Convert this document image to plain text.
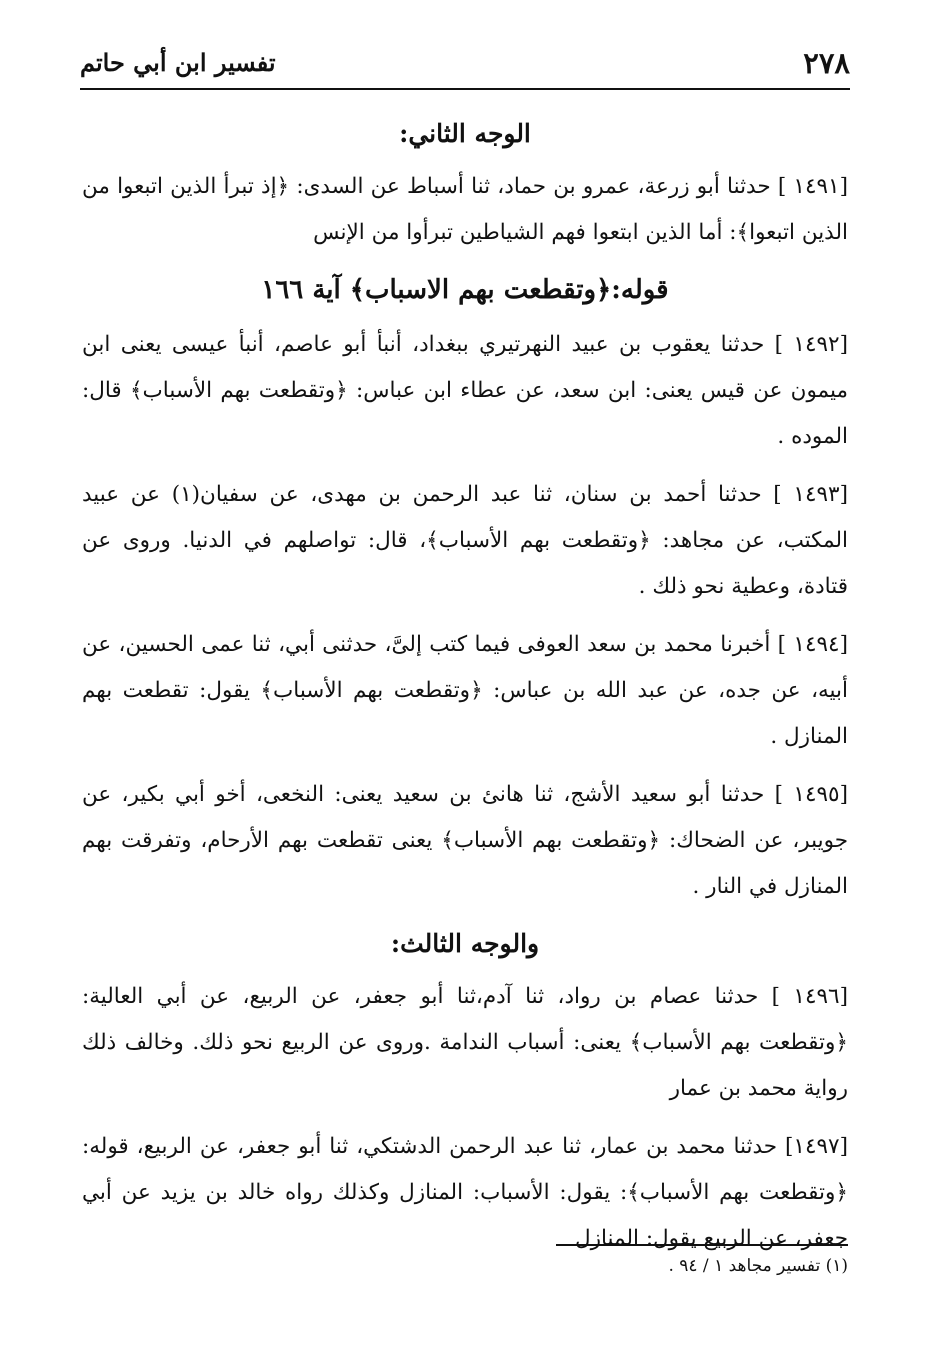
٢٧٨
تفسير ابن أبي حاتم
الوجه الثاني:

[١٤٩١ ] حدثنا أبو زرعة، عمرو بن حماد، ثنا أسباط عن السدى: ﴿إذ تبرأ الذين اتبعوا من الذين اتبعوا﴾: أما الذين ابتعوا فهم الشياطين تبرأوا من الإنس

قوله:﴿وتقطعت بهم الاسباب﴾ آية ١٦٦

[١٤٩٢ ] حدثنا يعقوب بن عبيد النهرتيري ببغداد، أنبأ أبو عاصم، أنبأ عيسى يعنى ابن ميمون عن قيس يعنى: ابن سعد، عن عطاء ابن عباس: ﴿وتقطعت بهم الأسباب﴾ قال: الموده .

[١٤٩٣ ] حدثنا أحمد بن سنان، ثنا عبد الرحمن بن مهدى، عن سفيان(١) عن عبيد المكتب، عن مجاهد: ﴿وتقطعت بهم الأسباب﴾، قال: تواصلهم في الدنيا. وروى عن قتادة، وعطية نحو ذلك .

[١٤٩٤ ] أخبرنا محمد بن سعد العوفى فيما كتب إلىَّ، حدثنى أبي، ثنا عمى الحسين، عن أبيه، عن جده، عن عبد الله بن عباس: ﴿وتقطعت بهم الأسباب﴾ يقول: تقطعت بهم المنازل .

[١٤٩٥ ] حدثنا أبو سعيد الأشج، ثنا هانئ بن سعيد يعنى: النخعى، أخو أبي بكير، عن جويبر، عن الضحاك: ﴿وتقطعت بهم الأسباب﴾ يعنى تقطعت بهم الأرحام، وتفرقت بهم المنازل في النار .

والوجه الثالث:

[١٤٩٦ ] حدثنا عصام بن رواد، ثنا آدم،ثنا أبو جعفر، عن الربيع، عن أبي العالية: ﴿وتقطعت بهم الأسباب﴾ يعنى: أسباب الندامة .وروى عن الربيع نحو ذلك. وخالف ذلك رواية محمد بن عمار

[١٤٩٧] حدثنا محمد بن عمار، ثنا عبد الرحمن الدشتكي، ثنا أبو جعفر، عن الربيع، قوله: ﴿وتقطعت بهم الأسباب﴾: يقول: الأسباب: المنازل وكذلك رواه خالد بن يزيد عن أبي جعفر، عن الربيع يقول: المنازل

(١) تفسير مجاهد ١ / ٩٤ .
